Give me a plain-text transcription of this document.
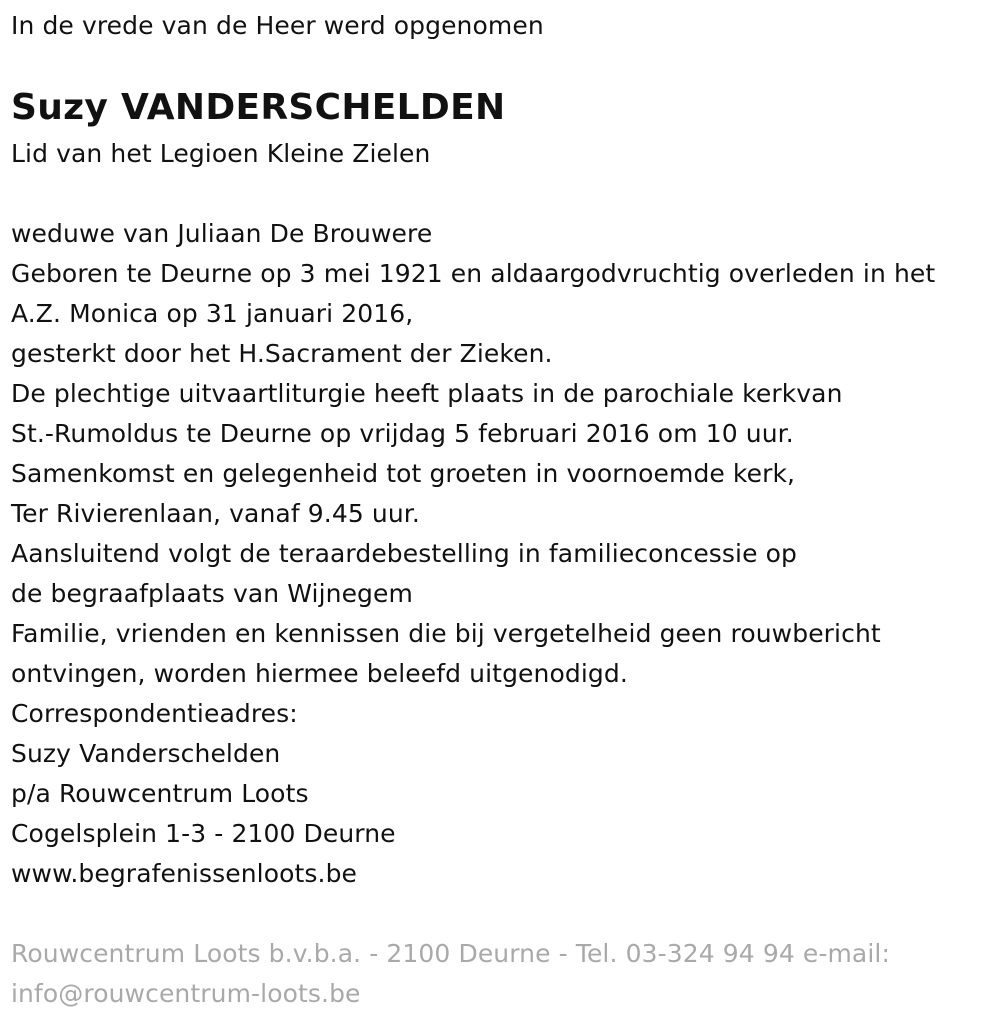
In de vrede van de Heer werd opgenomen
Suzy VANDERSCHELDEN
Lid van het Legioen Kleine Zielen
weduwe van Juliaan De Brouwere
Geboren te Deurne op 3 mei 1921 en aldaargodvruchtig overleden in het
A.Z. Monica op 31 januari 2016,
gesterkt door het H.Sacrament der Zieken.
De plechtige uitvaartliturgie heeft plaats in de parochiale kerkvan
St.-Rumoldus te Deurne op vrijdag 5 februari 2016 om 10 uur.
Samenkomst en gelegenheid tot groeten in voornoemde kerk,
Ter Rivierenlaan, vanaf 9.45 uur.
Aansluitend volgt de teraardebestelling in familieconcessie op
de begraafplaats van Wijnegem
Familie, vrienden en kennissen die bij vergetelheid geen rouwbericht
ontvingen, worden hiermee beleefd uitgenodigd.
Correspondentieadres:
Suzy Vanderschelden
p/a Rouwcentrum Loots
Cogelsplein 1-3 - 2100 Deurne
www.begrafenissenloots.be
Rouwcentrum Loots b.v.b.a. - 2100 Deurne - Tel. 03-324 94 94 e-mail:
info@rouwcentrum-loots.be
